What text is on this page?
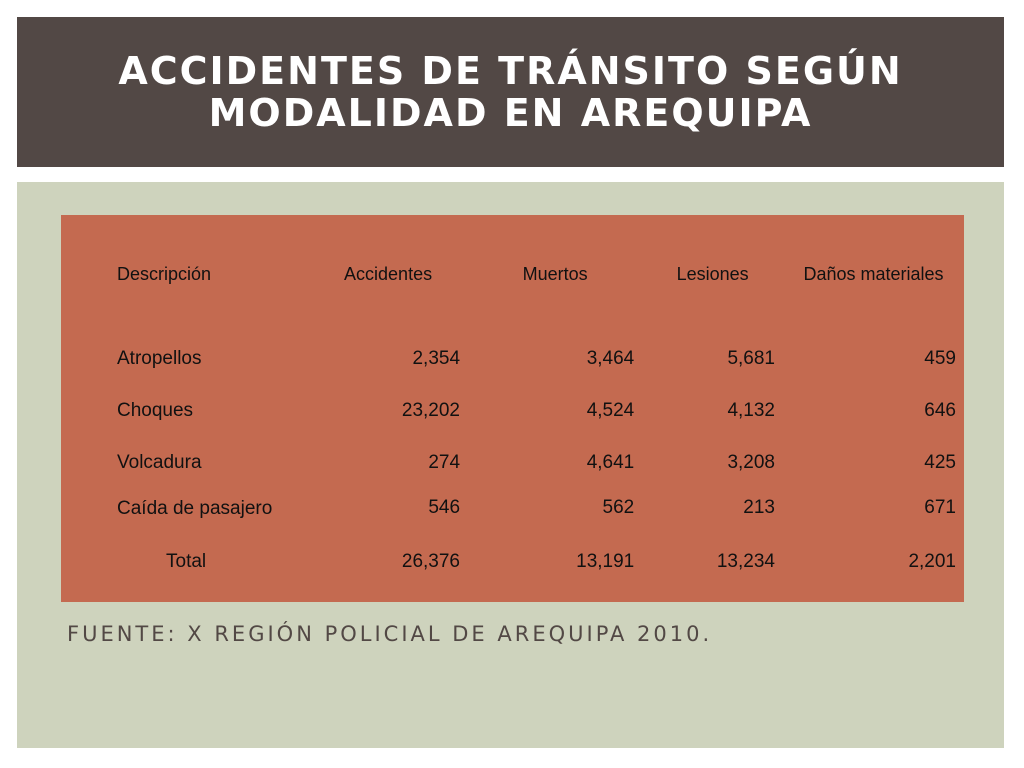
ACCIDENTES DE TRÁNSITO SEGÚN
MODALIDAD EN AREQUIPA
Descripción	Accidentes	Muertos	Lesiones	Daños materiales
Atropellos	2,354	3,464	5,681	459
Choques	23,202	4,524	4,132	646
Volcadura	274	4,641	3,208	425
Caída de pasajero	546	562	213	671
Total	26,376	13,191	13,234	2,201

FUENTE: X REGIÓN POLICIAL DE AREQUIPA 2010.
